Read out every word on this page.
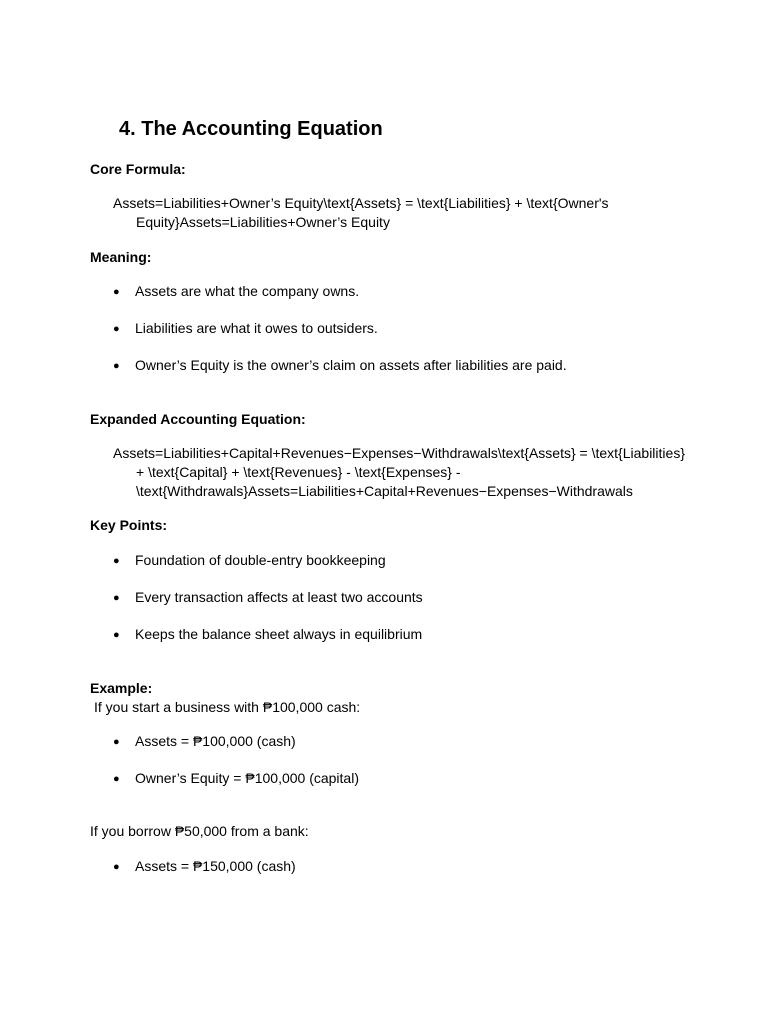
4. The Accounting Equation
Core Formula:
Assets=Liabilities+Owner’s Equity\text{Assets} = \text{Liabilities} + \text{Owner's
Equity}Assets=Liabilities+Owner’s Equity
Meaning:
● Assets are what the company owns.
● Liabilities are what it owes to outsiders.
● Owner’s Equity is the owner’s claim on assets after liabilities are paid.
Expanded Accounting Equation:
Assets=Liabilities+Capital+Revenues−Expenses−Withdrawals\text{Assets} = \text{Liabilities}
+ \text{Capital} + \text{Revenues} - \text{Expenses} -
\text{Withdrawals}Assets=Liabilities+Capital+Revenues−Expenses−Withdrawals
Key Points:
● Foundation of double-entry bookkeeping
● Every transaction affects at least two accounts
● Keeps the balance sheet always in equilibrium
Example:
If you start a business with ₱100,000 cash:
● Assets = ₱100,000 (cash)
● Owner’s Equity = ₱100,000 (capital)
If you borrow ₱50,000 from a bank:
● Assets = ₱150,000 (cash)
